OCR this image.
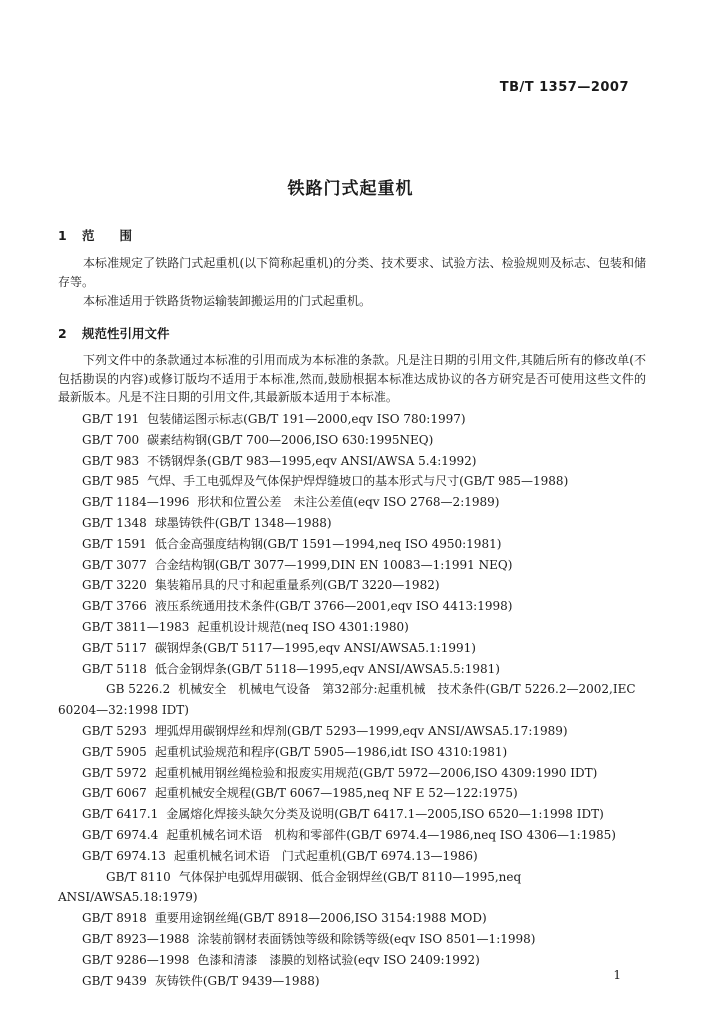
TB/T 1357—2007
铁路门式起重机
1 范　　围
本标准规定了铁路门式起重机(以下简称起重机)的分类、技术要求、试验方法、检验规则及标志、包装和储存等。
本标准适用于铁路货物运输装卸搬运用的门式起重机。
2 规范性引用文件
下列文件中的条款通过本标准的引用而成为本标准的条款。凡是注日期的引用文件,其随后所有的修改单(不包括勘误的内容)或修订版均不适用于本标准,然而,鼓励根据本标准达成协议的各方研究是否可使用这些文件的最新版本。凡是不注日期的引用文件,其最新版本适用于本标准。
GB/T 191 包装储运图示标志(GB/T 191—2000,eqv ISO 780:1997)
GB/T 700 碳素结构钢(GB/T 700—2006,ISO 630:1995NEQ)
GB/T 983 不锈钢焊条(GB/T 983—1995,eqv ANSI/AWSA 5.4:1992)
GB/T 985 气焊、手工电弧焊及气体保护焊焊缝坡口的基本形式与尺寸(GB/T 985—1988)
GB/T 1184—1996 形状和位置公差　未注公差值(eqv ISO 2768—2:1989)
GB/T 1348 球墨铸铁件(GB/T 1348—1988)
GB/T 1591 低合金高强度结构钢(GB/T 1591—1994,neq ISO 4950:1981)
GB/T 3077 合金结构钢(GB/T 3077—1999,DIN EN 10083—1:1991 NEQ)
GB/T 3220 集装箱吊具的尺寸和起重量系列(GB/T 3220—1982)
GB/T 3766 液压系统通用技术条件(GB/T 3766—2001,eqv ISO 4413:1998)
GB/T 3811—1983 起重机设计规范(neq ISO 4301:1980)
GB/T 5117 碳钢焊条(GB/T 5117—1995,eqv ANSI/AWSA5.1:1991)
GB/T 5118 低合金钢焊条(GB/T 5118—1995,eqv ANSI/AWSA5.5:1981)
GB 5226.2 机械安全　机械电气设备　第32部分:起重机械　技术条件(GB/T 5226.2—2002,IEC 60204—32:1998 IDT)
GB/T 5293 埋弧焊用碳钢焊丝和焊剂(GB/T 5293—1999,eqv ANSI/AWSA5.17:1989)
GB/T 5905 起重机试验规范和程序(GB/T 5905—1986,idt ISO 4310:1981)
GB/T 5972 起重机械用钢丝绳检验和报废实用规范(GB/T 5972—2006,ISO 4309:1990 IDT)
GB/T 6067 起重机械安全规程(GB/T 6067—1985,neq NF E 52—122:1975)
GB/T 6417.1 金属熔化焊接头缺欠分类及说明(GB/T 6417.1—2005,ISO 6520—1:1998 IDT)
GB/T 6974.4 起重机械名词术语　机构和零部件(GB/T 6974.4—1986,neq ISO 4306—1:1985)
GB/T 6974.13 起重机械名词术语　门式起重机(GB/T 6974.13—1986)
GB/T 8110 气体保护电弧焊用碳钢、低合金钢焊丝(GB/T 8110—1995,neq ANSI/AWSA5.18:1979)
GB/T 8918 重要用途钢丝绳(GB/T 8918—2006,ISO 3154:1988 MOD)
GB/T 8923—1988 涂装前钢材表面锈蚀等级和除锈等级(eqv ISO 8501—1:1998)
GB/T 9286—1998 色漆和清漆　漆膜的划格试验(eqv ISO 2409:1992)
GB/T 9439 灰铸铁件(GB/T 9439—1988)	1
